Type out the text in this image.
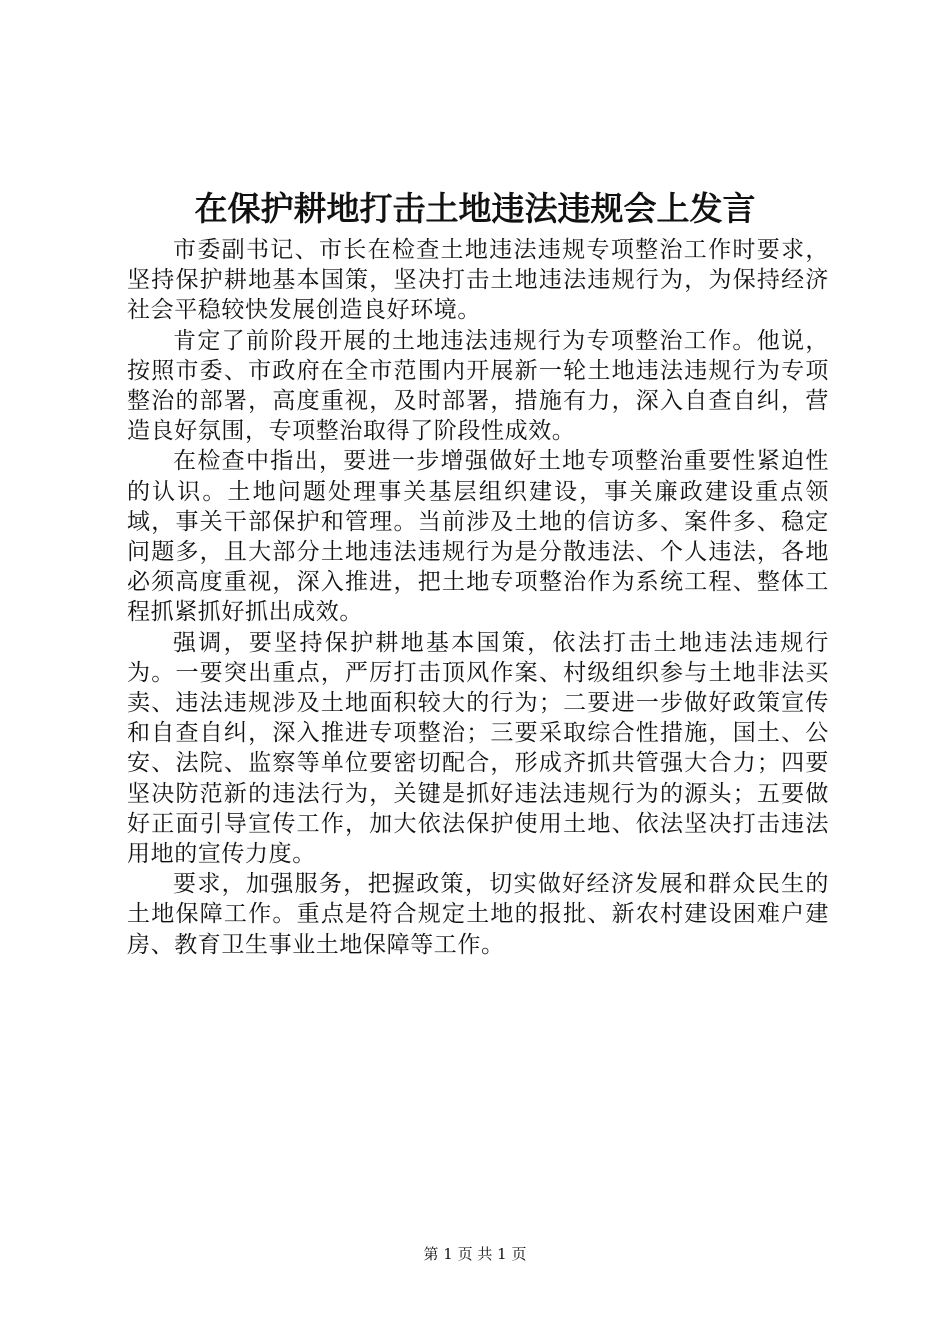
在保护耕地打击土地违法违规会上发言

市委副书记、市长在检查土地违法违规专项整治工作时要求，坚持保护耕地基本国策，坚决打击土地违法违规行为，为保持经济社会平稳较快发展创造良好环境。

肯定了前阶段开展的土地违法违规行为专项整治工作。他说，按照市委、市政府在全市范围内开展新一轮土地违法违规行为专项整治的部署，高度重视，及时部署，措施有力，深入自查自纠，营造良好氛围，专项整治取得了阶段性成效。

在检查中指出，要进一步增强做好土地专项整治重要性紧迫性的认识。土地问题处理事关基层组织建设，事关廉政建设重点领域，事关干部保护和管理。当前涉及土地的信访多、案件多、稳定问题多，且大部分土地违法违规行为是分散违法、个人违法，各地必须高度重视，深入推进，把土地专项整治作为系统工程、整体工程抓紧抓好抓出成效。

强调，要坚持保护耕地基本国策，依法打击土地违法违规行为。一要突出重点，严厉打击顶风作案、村级组织参与土地非法买卖、违法违规涉及土地面积较大的行为；二要进一步做好政策宣传和自查自纠，深入推进专项整治；三要采取综合性措施，国土、公安、法院、监察等单位要密切配合，形成齐抓共管强大合力；四要坚决防范新的违法行为，关键是抓好违法违规行为的源头；五要做好正面引导宣传工作，加大依法保护使用土地、依法坚决打击违法用地的宣传力度。

要求，加强服务，把握政策，切实做好经济发展和群众民生的土地保障工作。重点是符合规定土地的报批、新农村建设困难户建房、教育卫生事业土地保障等工作。

第 1 页 共 1 页
